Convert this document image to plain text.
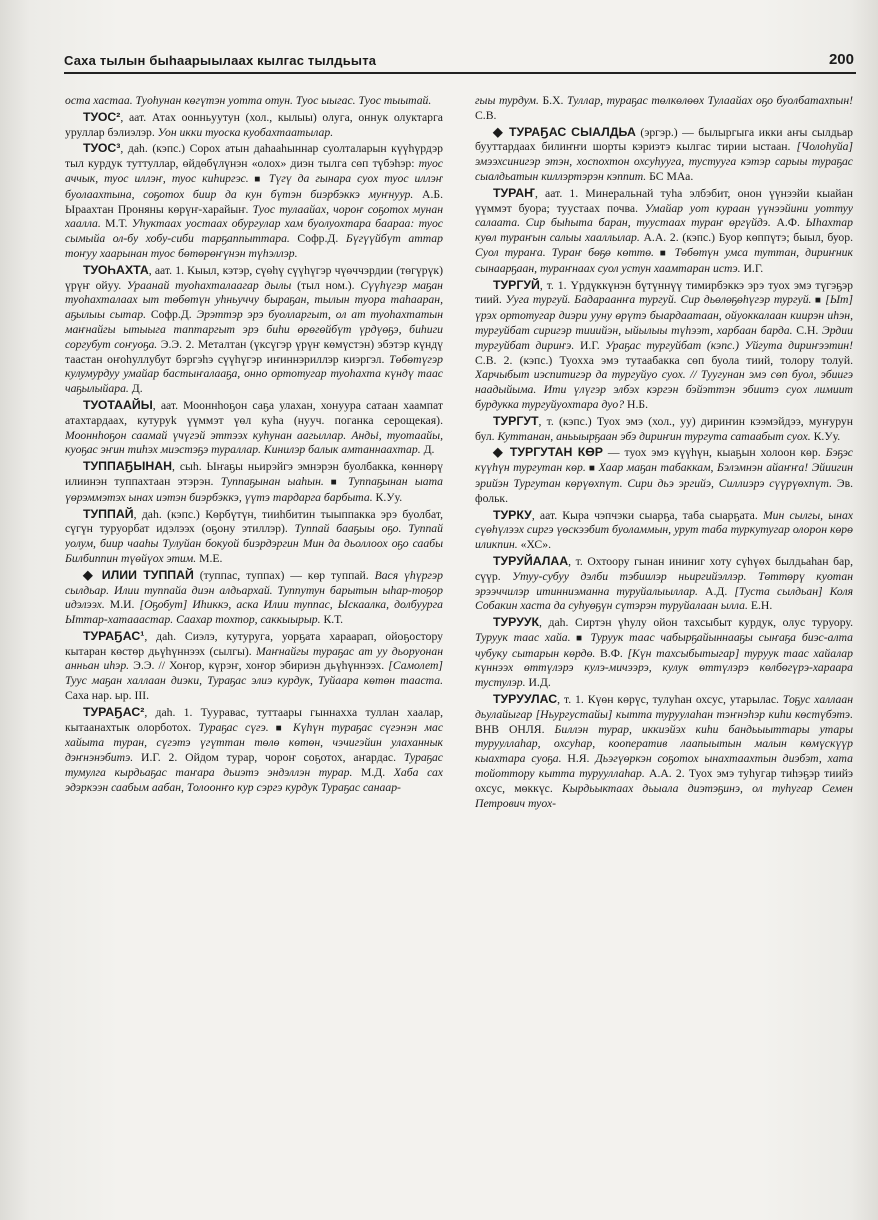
Саха тылын быһаарыылаах кылгас тылдьыта	200

оста хастаа. Туоһунан көгүтэн уотта отун. Туос ыыгас. Туос тыытай.

ТУОС², аат. Атах оонньуутун (хол., кылыы) олуга, оннук олуктарга уруллар бэлиэлэр. Уон икки туоска куобахтаатылар.

ТУОС³, даһ. (кэпс.) Сорох атын даһааһыннар суолталарын күүһүрдэр тыл курдук туттуллар, өйдөбүлүнэн «олох» диэн тылга сөп түбэһэр: туос аччык, туос иллэҥ, туос киһиргэс. ■ Түгү да гынара суох туос иллэҥ буолаахтына, соҕотох биир да кун бүтэн биэрбэккэ муҥнуур. А.Б. Ыраахтан Проняны көрүҥ-харайыҥ. Туос тулаайах, чороҥ соҕотох мунан хаалла. М.Т. Уһуктаах уостаах обургулар хам буолуохтара баараа: туос сымыйа ол-бу хобу-сиби тарҕаппыттара. Софр.Д. Бүгүүйбүт аттар тоҥуу хаарынан туос бөтөрөҥүнэн түһэллэр.

ТУОҺАХТА, аат. 1. Кыыл, кэтэр, сүөһү сүүһүгэр чүөччэрдии (төгүрүк) үрүҥ ойуу. Ураанай туоһахталаагар дылы (тыл ном.). Сүүһүгэр маҕан туоһахталаах ыт төбөтүн уһньуччу быраҕан, тылын туора таһааран, аҕылыы сытар. Софр.Д. Эрэттэр эрэ буолларгыт, ол ат туоһахтатын маҥнайгы ытыыга таптаргыт эрэ биһи өрөгөйбүт үрдүөҕэ, биһиги соргубут соҥуоҕа. Э.Э. 2. Металтан (үксүгэр үрүҥ көмүстэн) эбэтэр күндү таастан оҥоһуллубут бэргэһэ сүүһүгэр иҥиннэриллэр киэргэл. Төбөтүгэр кулумурдуу умайар бастыҥалааҕа, онно ортотугар туоһахта күндү таас чаҕылыйара. Д.

ТУОТААЙЫ, аат. Мооннһоҕон саҕа улахан, хонуура сатаан хаампат атахтардаах, кутуруk үүммэт үөл куһа (нууч. поганка серощекая). Мооннһоҕон саамай үчүгэй эттээх куһунан аагыллар. Андьі, туотаайы, куоҕас эҥин тиһэх миэстэҕэ тураллар. Кинилэр балык амтаннаахтар. Д.

ТУППАҔЫНАН, сыһ. Ыҥаҕы ньирэйгэ эмнэрэн буолбакка, көннөрү илиинэн туппахтаан этэрэн. Туппаҕынан ыаһын. ■ Туппаҕынан ыата үөрэммэтэх ынах иэтэн биэрбэккэ, үүтэ тардарга барбыта. К.Уу.

ТУППАЙ, даһ. (кэпс.) Көрбүтүн, тииһбитин тыыппакка эрэ буолбат, сүгүн туруорбат идэлээх (оҕону этиллэр). Туппай бааҕыы оҕо. Туппай уолум, биир чааһы Тулуйан бокуой биэрдэргин Мин да дьоллоох оҕо саабы Билбиппин түөйүох этим. М.Е.

◆ ИЛИИ ТУППАЙ (туппас, туппах) — көр туппай. Вася үһүргэр сылдьар. Илии туппайа диэн алдьархай. Туппутун барытын ыһар-тоҕор идэлээх. М.И. [Оҕобут] Иһиккэ, аска Илии туппас, Ыскаалка, долбуурга Ыттар-хатааастар. Саахар тохтор, саккыырыр. К.Т.

ТУРАҔАС¹, даһ. Сиэлэ, кутуруга, уорҕата хараарап, ойоҕостору кытаран көстөр дьүһүннээх (сылгы). Маҥнайгы тураҕас ат уу дьоруонан анньан иһэр. Э.Э. // Хоҥор, күрэҥ, хоҥор эбириэн дьүһүннээх. [Самолет] Туус маҕан халлаан диэки, Тураҕас элиэ курдук, Туйаара көтөн тааста. Саха нар. ыр. III.

ТУРАҔАС², даһ. 1. Тууравас, туттаары гыннахха туллан хаалар, кытаанахтык олорботох. Тураҕас сүгэ. ■ Күһүн тураҕас сүгэнэн мас хайыта туран, сүгэтэ үгүттан төлө көтөн, чэчигэйин улаханнык дэҥнэнэбитэ. И.Г. 2. Ойдом турар, чороҥ соҕотох, аҥардас. Тураҕас тумулга кырдьаҕас таҥара дьиэтэ эндэллэн турар. М.Д. Хаба сах эдэркээн саабым аабан, Толоонҥо кур сэргэ курдук Тураҕас санаар-

гыы турдум. Б.Х. Туллар, тураҕас төлкөлөөх Тулаайах оҕо буолбатахпын! С.В.

◆ ТУРАҔАС СЫАЛДЬА (эргэр.) — былыргыга икки аҥы сылдьар бууттардаах билиҥҥи шорты кэриэтэ кылгас тирии ыстаан. [Чолоһуйа] эмээхсинигэр этэн, хоспохтон охсуһууга, тустууга кэтэр сарыы тураҕас сыалдьатын киллэртэрэн кэппит. БС МАа.

ТУРАҤ, аат. 1. Минеральнай туһа элбэбит, онон үүнээйи кыайан үүммэт буора; туустаах почва. Умайар уот кураан үүнээйини уоттуу салаата. Сир быһыта баран, туустаах тураҥ өргүйдэ. А.Ф. Ыһахтар куөл тураҥын салыы хааллылар. А.А. 2. (кэпс.) Буор көппүтэ; быыл, буор. Суол тураҥа. Тураҥ бөҕө көттө. ■ Төбөтүн умса туттан, дириҥник сынаарҕаан, тураҥнаах суол устун хаамтаран истэ. И.Г.

ТУРГУЙ, т. 1. Үрдүккүнэн бүтүннүү тимирбэккэ эрэ туох эмэ түгэҕэр тиий. Ууга тургуй. Бадараанҥа тургуй. Сир дьөлөҕөһүгэр тургуй. ■ [Ыт] үрэх ортотугар диэри ууну өрүтэ быардаатаан, ойуоккалаан киирэн иһэн, тургуйбат сиригэр тииийэн, ыйылыы түһээт, харбаан барда. С.Н. Эрдии тургуйбат дириҥэ. И.Г. Ураҕас тургуйбат (кэпс.) Уйгута дириҥээтин! С.В. 2. (кэпс.) Туохха эмэ тутаабакка сөп буола тиий, толору толуй. Харчыбыт иэспитигэр да тургуйуо суох. // Туугунан эмэ сөп буол, эбиигэ наадыйыма. Ити үлүгэр элбэх кэргэн бэйэттэн эбиитэ суох лимиит бурдукка тургуйуохтара дуо? Н.Б.

ТУРГУТ, т. (кэпс.) Туох эмэ (хол., уу) дириҥин кээмэйдээ, муҥурун бул. Куттанан, аньыырҕаан эбэ дириҥин тургута сатаабыт суох. К.Уу.

◆ ТУРГУТАН КӨР — туох эмэ күүһүн, кыаҕын холоон көр. Бэҕэс күүһүн тургутан көр. ■ Хаар маҕан табаккам, Бэлэмнэн айаҥҥа! Эйиигин эрийэн Тургутан көрүөхпүт. Сири дьэ эргийэ, Силлиэрэ сүүрүөхпүт. Эв. фольк.

ТУРКУ, аат. Кыра чэпчэки сыарҕа, таба сыарҕата. Мин сылгы, ынах сүөһүлээх сиргэ үөскээбит буоламмын, урут таба туркутугар олорон көрө иликпин. «ХС».

ТУРУЙАЛАА, т. Охтоору гынан ининиг хоту сүһүөх былдьаһан бар, сүүр. Утуу-субуу дэлби тэбиилэр ньиргийэллэр. Төттөрү куотан эрээччилэр итинниэманна туруйалыыллар. А.Д. [Туста сылдьан] Коля Собакин хаста да суһуөҕүн сүтэрэн туруйалаан ылла. Е.Н.

ТУРУУК, даһ. Сиртэн үһулу ойон тахсыбыт курдук, олус туруору. Туруук таас хайа. ■ Туруук таас чабырҕайыннааҕы сыҥаҕа биэс-алта чубуку сытарын көрдө. В.Ф. [Күн тахсыбытыгар] туруук таас хайалар күннээх өттүлэрэ кулэ-мичээрэ, кулук өттүлэрэ көлбөгүрэ-хараара тустулэр. И.Д.

ТУРУУЛАС, т. 1. Күөн көрүс, тулуһан охсус, утарылас. Тоҕус халлаан дьулайыгар [Ньургустайы] кытта туруулаһан тэҥнэһэр киһи көстүбэтэ. ВНВ ОНЛЯ. Биллэн турар, иккиэйэх киһи бандьыыттары утары турууллаһар, охсуһар, кооператив лаапыытын малын көмүскүүр кыахтара суоҕа. Н.Я. Дьэгүөркэн соҕотох ынахтаахтын диэбэт, хата тойоттору кытта турууллаһар. А.А. 2. Туох эмэ туһугар тиһэҕэр тиийэ охсус, мөккүс. Кырдьыктаах дьыала диэтэҕинэ, ол туһугар Семен Петрович туох-
